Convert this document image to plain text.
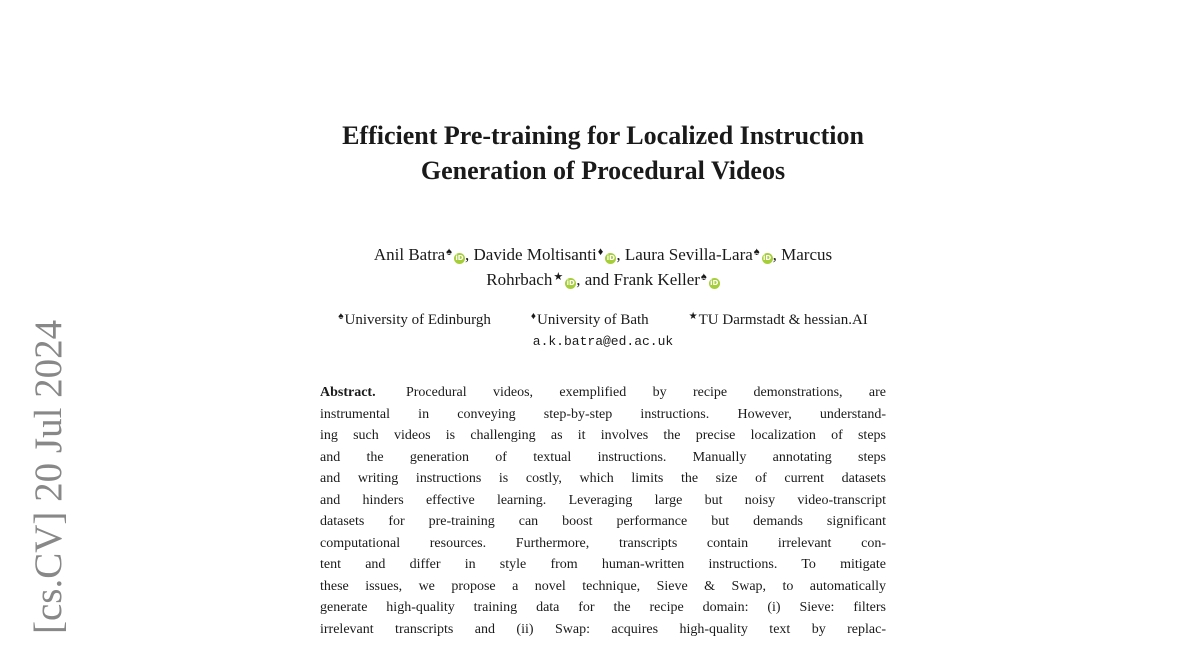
[cs.CV] 20 Jul 2024
Efficient Pre-training for Localized Instruction
Generation of Procedural Videos
Anil Batra♠ iD, Davide Moltisanti♦ iD, Laura Sevilla-Lara♠ iD, Marcus
Rohrbach★ iD, and Frank Keller♠ iD
♠University of Edinburgh	♦University of Bath	★TU Darmstadt & hessian.AI
a.k.batra@ed.ac.uk
Abstract. Procedural videos, exemplified by recipe demonstrations, are
instrumental in conveying step-by-step instructions. However, understand-
ing such videos is challenging as it involves the precise localization of steps
and the generation of textual instructions. Manually annotating steps
and writing instructions is costly, which limits the size of current datasets
and hinders effective learning. Leveraging large but noisy video-transcript
datasets for pre-training can boost performance but demands significant
computational resources. Furthermore, transcripts contain irrelevant con-
tent and differ in style from human-written instructions. To mitigate
these issues, we propose a novel technique, Sieve & Swap, to automatically
generate high-quality training data for the recipe domain: (i) Sieve: filters
irrelevant transcripts and (ii) Swap: acquires high-quality text by replac-
